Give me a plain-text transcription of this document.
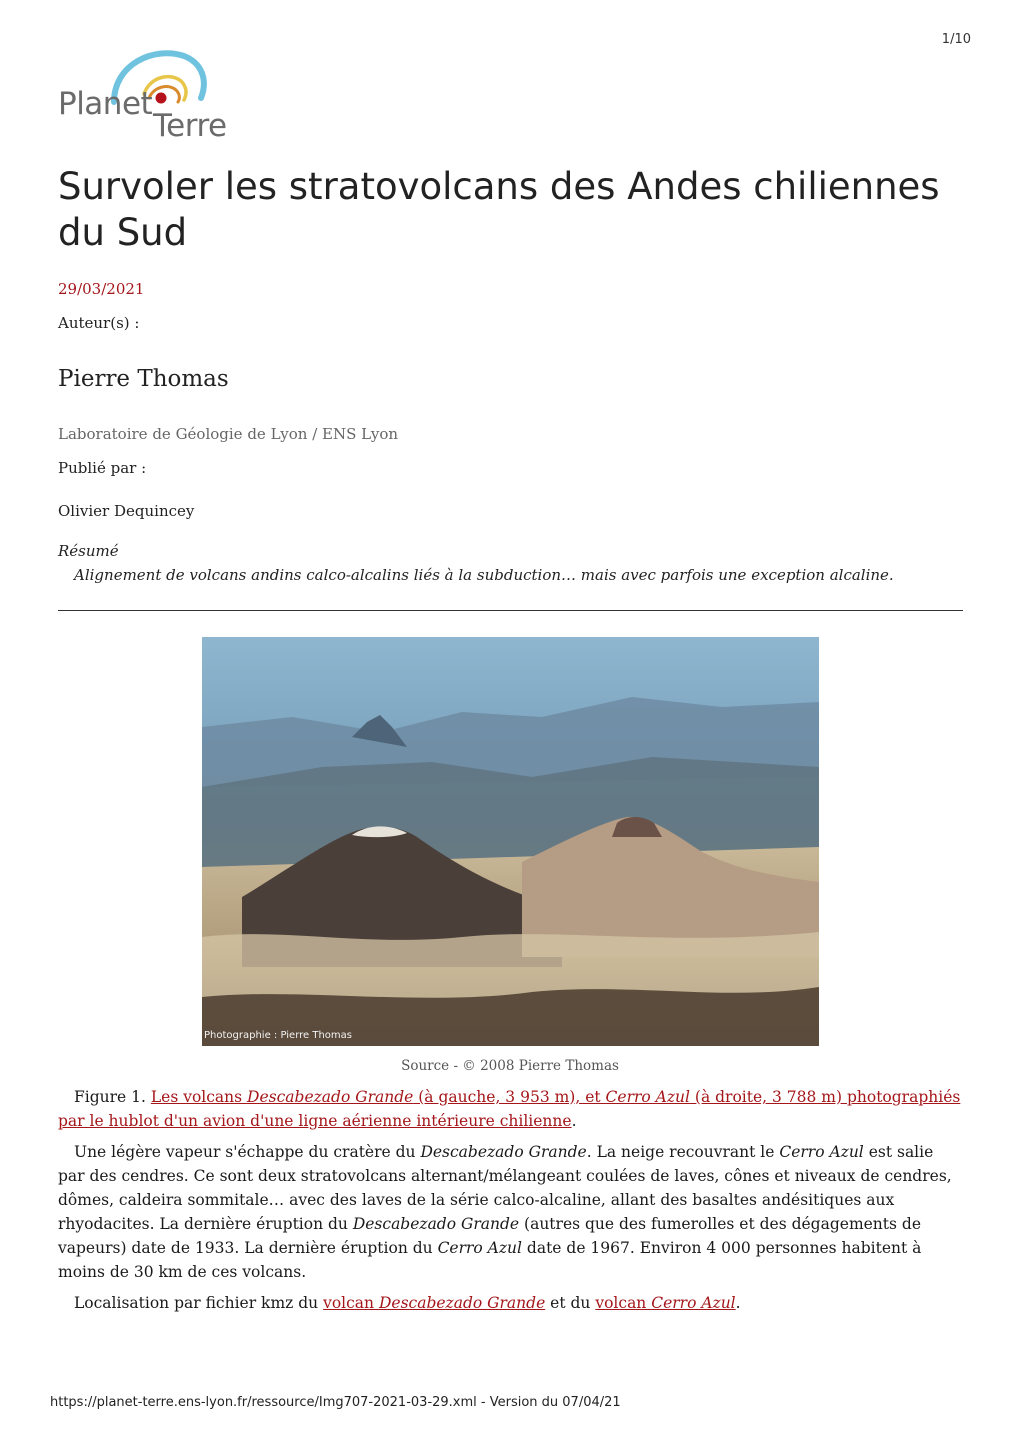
1/10
Planet
Terre
Survoler les stratovolcans des Andes chiliennes du Sud
29/03/2021
Auteur(s) :
Pierre Thomas
Laboratoire de Géologie de Lyon / ENS Lyon
Publié par :
Olivier Dequincey
Résumé
Alignement de volcans andins calco-alcalins liés à la subduction… mais avec parfois une exception alcaline.
Photographie : Pierre Thomas
Source - © 2008 Pierre Thomas

Figure 1. Les volcans Descabezado Grande (à gauche, 3 953 m), et Cerro Azul (à droite, 3 788 m) photographiés par le hublot d'un avion d'une ligne aérienne intérieure chilienne.

Une légère vapeur s'échappe du cratère du Descabezado Grande. La neige recouvrant le Cerro Azul est salie par des cendres. Ce sont deux stratovolcans alternant/mélangeant coulées de laves, cônes et niveaux de cendres, dômes, caldeira sommitale… avec des laves de la série calco-alcaline, allant des basaltes andésitiques aux rhyodacites. La dernière éruption du Descabezado Grande (autres que des fumerolles et des dégagements de vapeurs) date de 1933. La dernière éruption du Cerro Azul date de 1967. Environ 4 000 personnes habitent à moins de 30 km de ces volcans.

Localisation par fichier kmz du volcan Descabezado Grande et du volcan Cerro Azul.

https://planet-terre.ens-lyon.fr/ressource/Img707-2021-03-29.xml - Version du 07/04/21
